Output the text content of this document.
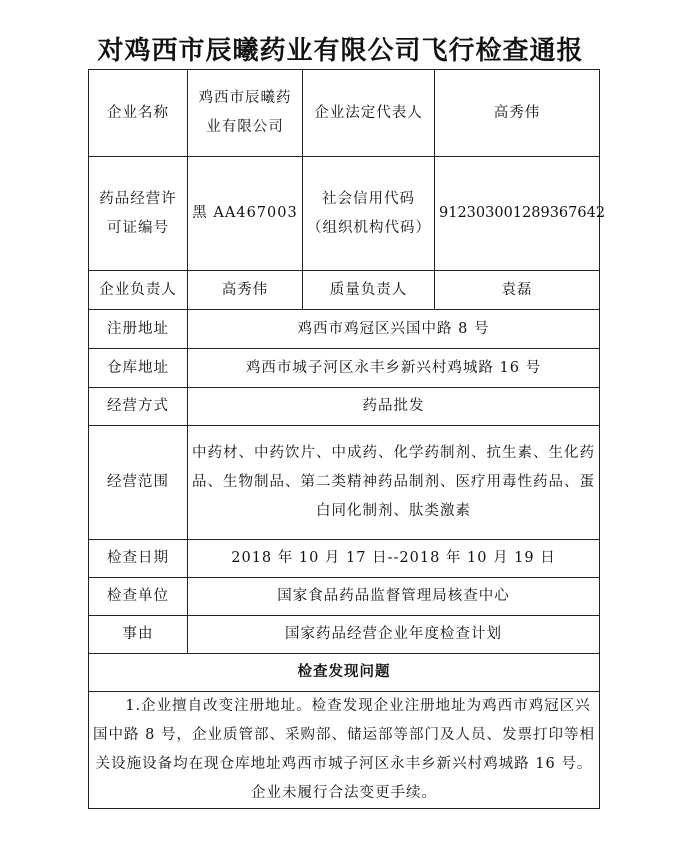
对鸡西市辰曦药业有限公司飞行检查通报
企业名称	鸡西市辰曦药业有限公司	企业法定代表人	高秀伟
药品经营许可证编号	黑 AA467003	社会信用代码（组织机构代码）	912303001289367642
企业负责人	高秀伟	质量负责人	袁磊
注册地址	鸡西市鸡冠区兴国中路 8 号		
仓库地址	鸡西市城子河区永丰乡新兴村鸡城路 16 号		
经营方式	药品批发		
经营范围	中药材、中药饮片、中成药、化学药制剂、抗生素、生化药品、生物制品、第二类精神药品制剂、医疗用毒性药品、蛋白同化制剂、肽类激素		
检查日期	2018 年 10 月 17 日--2018 年 10 月 19 日		
检查单位	国家食品药品监督管理局核查中心		
事由	国家药品经营企业年度检查计划		
检查发现问题			
1.企业擅自改变注册地址。检查发现企业注册地址为鸡西市鸡冠区兴国中路 8 号，企业质管部、采购部、储运部等部门及人员、发票打印等相关设施设备均在现仓库地址鸡西市城子河区永丰乡新兴村鸡城路 16 号。企业未履行合法变更手续。			
